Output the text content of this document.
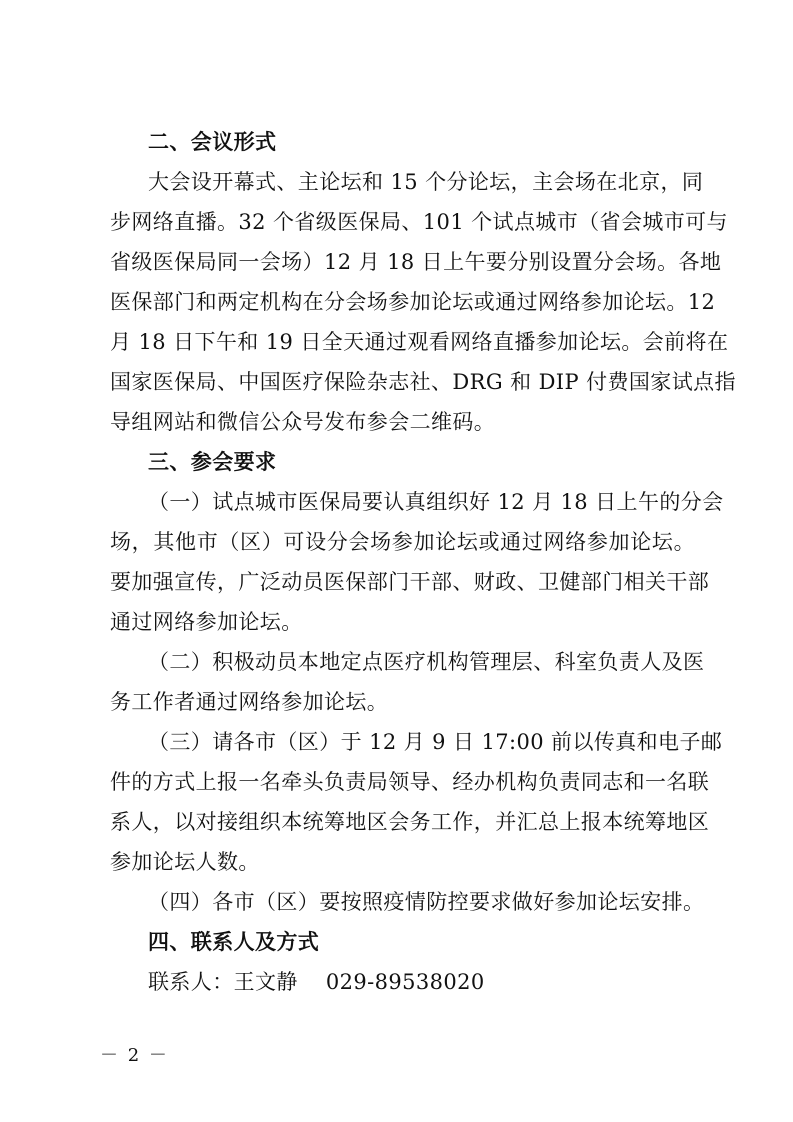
二、会议形式
大会设开幕式、主论坛和 15 个分论坛，主会场在北京，同
步网络直播。32 个省级医保局、101 个试点城市（省会城市可与
省级医保局同一会场）12 月 18 日上午要分别设置分会场。各地
医保部门和两定机构在分会场参加论坛或通过网络参加论坛。12
月 18 日下午和 19 日全天通过观看网络直播参加论坛。会前将在
国家医保局、中国医疗保险杂志社、DRG 和 DIP 付费国家试点指
导组网站和微信公众号发布参会二维码。
三、参会要求
（一）试点城市医保局要认真组织好 12 月 18 日上午的分会
场，其他市（区）可设分会场参加论坛或通过网络参加论坛。
要加强宣传，广泛动员医保部门干部、财政、卫健部门相关干部
通过网络参加论坛。
（二）积极动员本地定点医疗机构管理层、科室负责人及医
务工作者通过网络参加论坛。
（三）请各市（区）于 12 月 9 日 17:00 前以传真和电子邮
件的方式上报一名牵头负责局领导、经办机构负责同志和一名联
系人，以对接组织本统筹地区会务工作，并汇总上报本统筹地区
参加论坛人数。
（四）各市（区）要按照疫情防控要求做好参加论坛安排。
四、联系人及方式
联系人：王文静 029-89538020
－ 2 －
